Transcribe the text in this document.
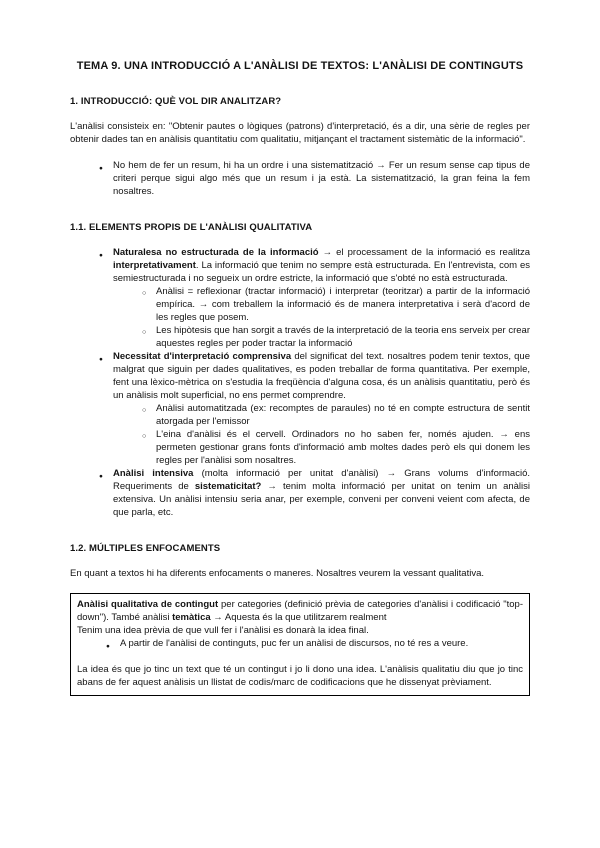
TEMA 9. UNA INTRODUCCIÓ A L'ANÀLISI DE TEXTOS: L'ANÀLISI DE CONTINGUTS
1. INTRODUCCIÓ: QUÈ VOL DIR ANALITZAR?
L'anàlisi consisteix en: "Obtenir pautes o lògiques (patrons) d'interpretació, és a dir, una sèrie de regles per obtenir dades tan en anàlisis quantitatiu com qualitatiu, mitjançant el tractament sistemàtic de la informació".
● No hem de fer un resum, hi ha un ordre i una sistematització → Fer un resum sense cap tipus de criteri perque sigui algo més que un resum i ja està. La sistematització, la gran feina la fem nosaltres.
1.1. ELEMENTS PROPIS DE L'ANÀLISI QUALITATIVA
● Naturalesa no estructurada de la informació → el processament de la informació es realitza interpretativament. La informació que tenim no sempre està estructurada. En l'entrevista, com es semiestructurada i no segueix un ordre estricte, la informació que s'obté no està estructurada.
○ Anàlisi = reflexionar (tractar informació) i interpretar (teoritzar) a partir de la informació empírica. → com treballem la informació és de manera interpretativa i serà d'acord de les regles que posem.
○ Les hipòtesis que han sorgit a través de la interpretació de la teoria ens serveix per crear aquestes regles per poder tractar la informació
● Necessitat d'interpretació comprensiva del significat del text. nosaltres podem tenir textos, que malgrat que siguin per dades qualitatives, es poden treballar de forma quantitativa. Per exemple, fent una lèxico-mètrica on s'estudia la freqüència d'alguna cosa, és un anàlisis quantitatiu, però és un anàlisis molt superficial, no ens permet comprendre.
○ Anàlisi automatitzada (ex: recomptes de paraules) no té en compte estructura de sentit atorgada per l'emissor
○ L'eina d'anàlisi és el cervell. Ordinadors no ho saben fer, només ajuden. → ens permeten gestionar grans fonts d'informació amb moltes dades però els qui donem les regles per l'anàlisi som nosaltres.
● Anàlisi intensiva (molta informació per unitat d'anàlisi) → Grans volums d'informació. Requeriments de sistematicitat? → tenim molta informació per unitat on tenim un anàlisi extensiva. Un anàlisi intensiu seria anar, per exemple, conveni per conveni veient com afecta, de que parla, etc.
1.2. MÚLTIPLES ENFOCAMENTS
En quant a textos hi ha diferents enfocaments o maneres. Nosaltres veurem la vessant qualitativa.
Anàlisi qualitativa de contingut per categories (definició prèvia de categories d'anàlisi i codificació "top-down"). També anàlisi temàtica → Aquesta és la que utilitzarem realment
Tenim una idea prèvia de que vull fer i l'anàlisi es donarà la idea final.
● A partir de l'anàlisi de continguts, puc fer un anàlisi de discursos, no té res a veure.
La idea és que jo tinc un text que té un contingut i jo li dono una idea. L'anàlisis qualitatiu diu que jo tinc abans de fer aquest anàlisis un llistat de codis/marc de codificacions que he dissenyat prèviament.
